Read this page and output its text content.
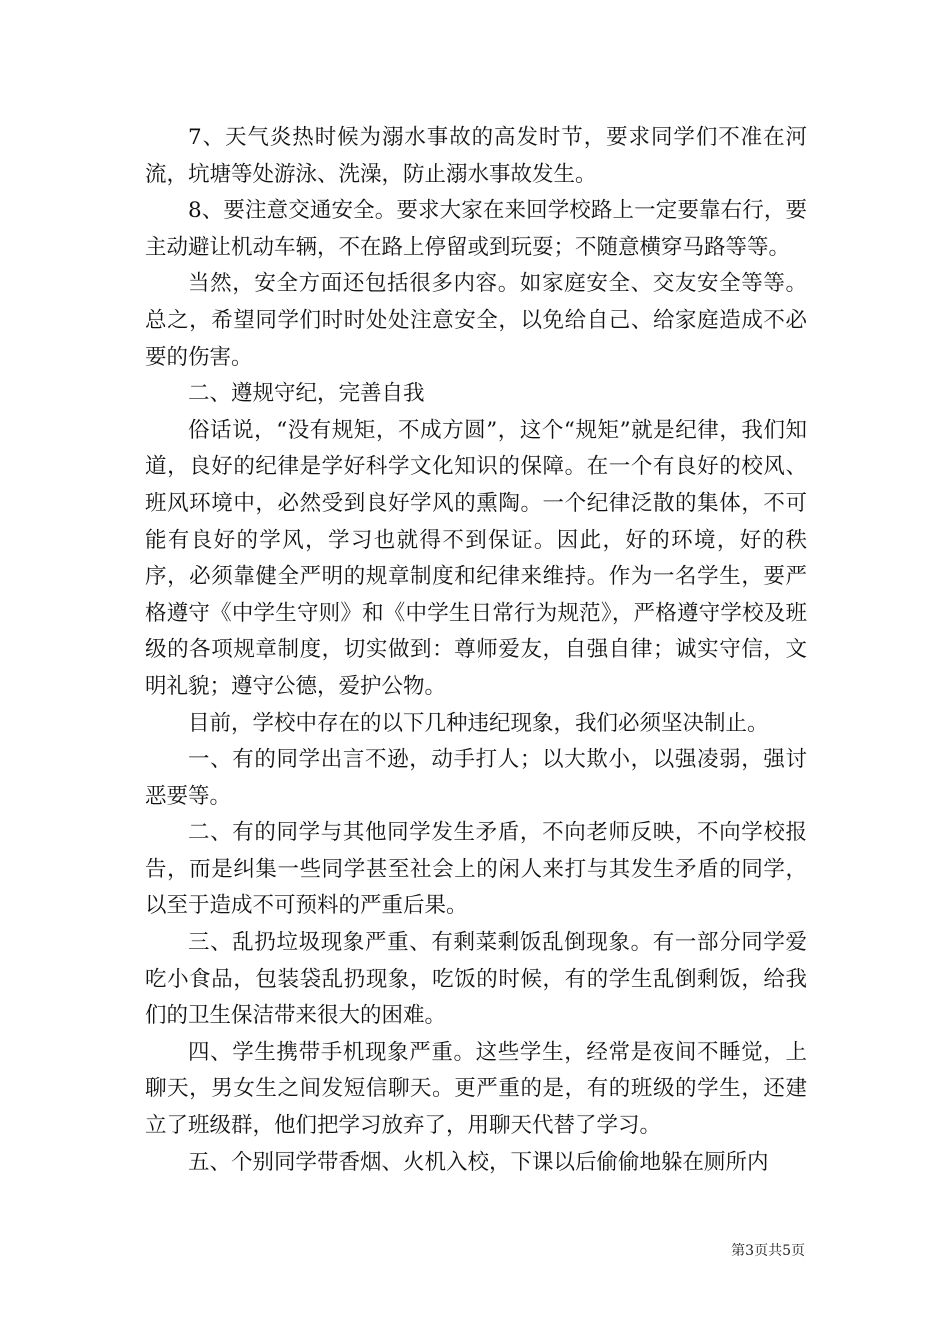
7、天气炎热时候为溺水事故的高发时节，要求同学们不准在河流，坑塘等处游泳、洗澡，防止溺水事故发生。

8、要注意交通安全。要求大家在来回学校路上一定要靠右行，要主动避让机动车辆，不在路上停留或到玩耍；不随意横穿马路等等。

当然，安全方面还包括很多内容。如家庭安全、交友安全等等。总之，希望同学们时时处处注意安全，以免给自己、给家庭造成不必要的伤害。

二、遵规守纪，完善自我

俗话说，“没有规矩，不成方圆”，这个“规矩”就是纪律，我们知道，良好的纪律是学好科学文化知识的保障。在一个有良好的校风、班风环境中，必然受到良好学风的熏陶。一个纪律泛散的集体，不可能有良好的学风，学习也就得不到保证。因此，好的环境，好的秩序，必须靠健全严明的规章制度和纪律来维持。作为一名学生，要严格遵守《中学生守则》和《中学生日常行为规范》，严格遵守学校及班级的各项规章制度，切实做到：尊师爱友，自强自律；诚实守信，文明礼貌；遵守公德，爱护公物。

目前，学校中存在的以下几种违纪现象，我们必须坚决制止。

一、有的同学出言不逊，动手打人；以大欺小，以强凌弱，强讨恶要等。

二、有的同学与其他同学发生矛盾，不向老师反映，不向学校报告，而是纠集一些同学甚至社会上的闲人来打与其发生矛盾的同学，以至于造成不可预料的严重后果。

三、乱扔垃圾现象严重、有剩菜剩饭乱倒现象。有一部分同学爱吃小食品，包装袋乱扔现象，吃饭的时候，有的学生乱倒剩饭，给我们的卫生保洁带来很大的困难。

四、学生携带手机现象严重。这些学生，经常是夜间不睡觉，上聊天，男女生之间发短信聊天。更严重的是，有的班级的学生，还建立了班级群，他们把学习放弃了，用聊天代替了学习。

五、个别同学带香烟、火机入校，下课以后偷偷地躲在厕所内

第3页共5页
